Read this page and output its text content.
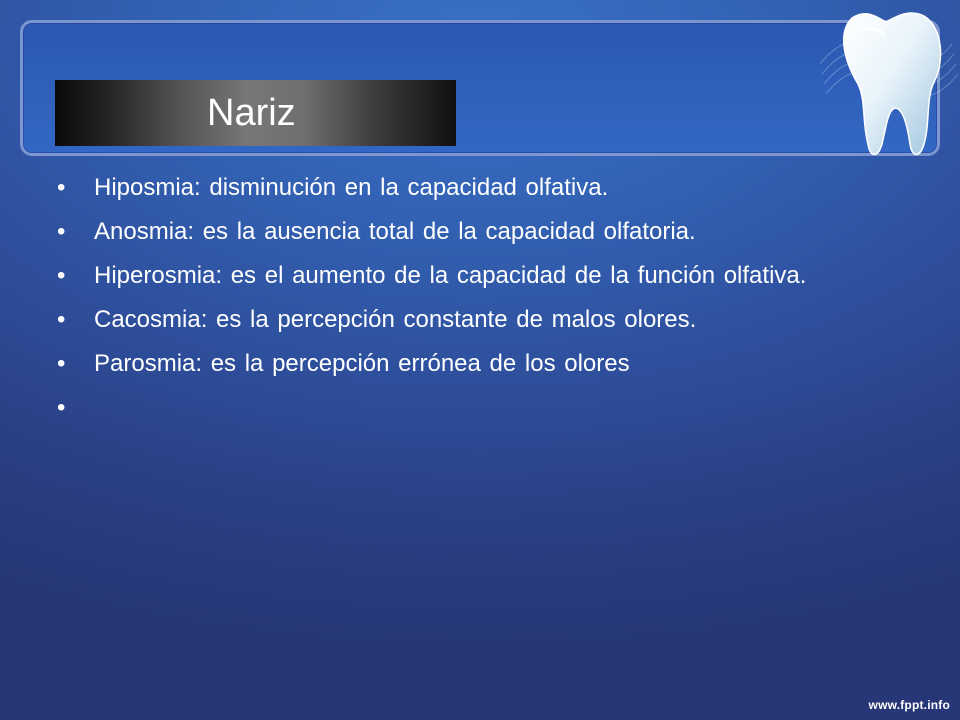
Nariz
•	Hiposmia: disminución en la capacidad olfativa.
•	Anosmia: es la ausencia total de la capacidad olfatoria.
•	Hiperosmia: es el aumento de la capacidad de la función olfativa.
•	Cacosmia: es la percepción constante de malos olores.
•	Parosmia: es la percepción errónea de los olores
•
www.fppt.info
